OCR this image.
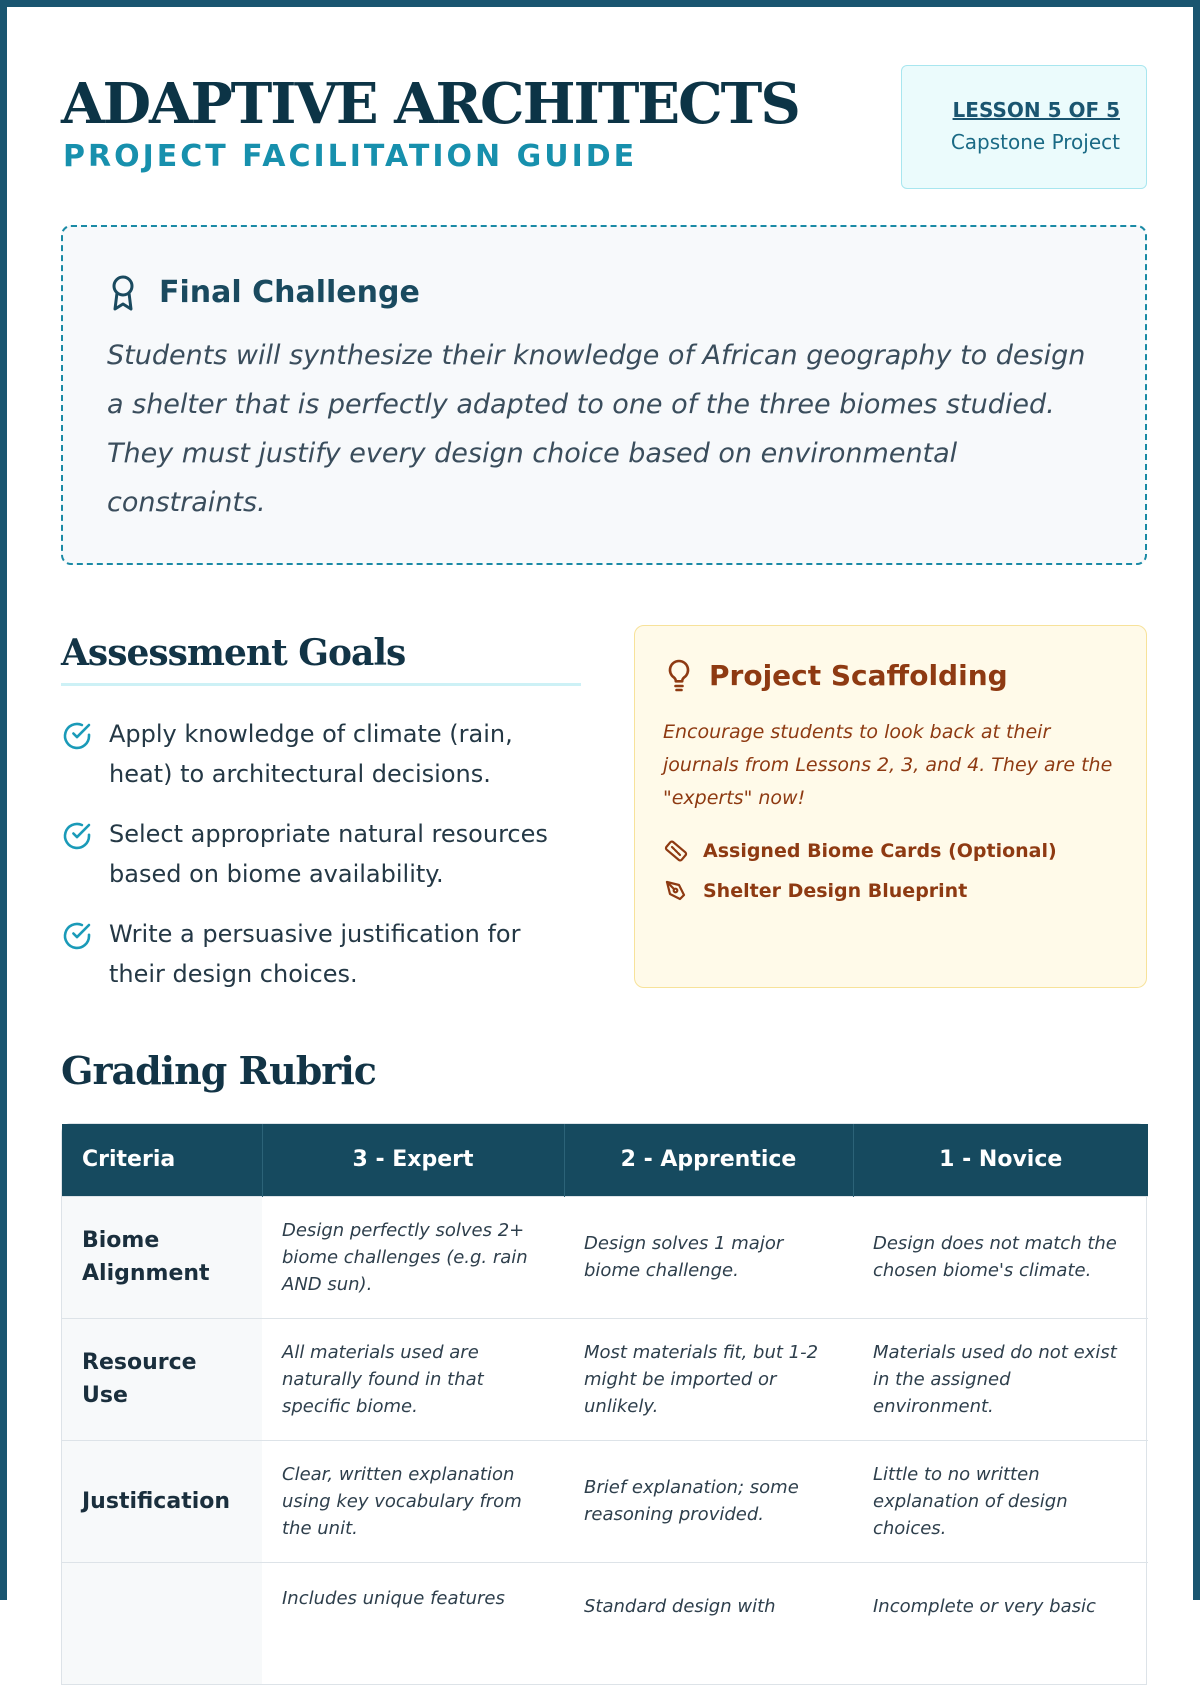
ADAPTIVE ARCHITECTS
PROJECT FACILITATION GUIDE
LESSON 5 OF 5
Capstone Project
Final Challenge
Students will synthesize their knowledge of African geography to design a shelter that is perfectly adapted to one of the three biomes studied. They must justify every design choice based on environmental constraints.
Assessment Goals
Apply knowledge of climate (rain, heat) to architectural decisions.
Select appropriate natural resources based on biome availability.
Write a persuasive justification for their design choices.
Project Scaffolding
Encourage students to look back at their journals from Lessons 2, 3, and 4. They are the "experts" now!
Assigned Biome Cards (Optional)
Shelter Design Blueprint
Grading Rubric
Criteria	3 - Expert	2 - Apprentice	1 - Novice
Biome Alignment	Design perfectly solves 2+ biome challenges (e.g. rain AND sun).	Design solves 1 major biome challenge.	Design does not match the chosen biome's climate.
Resource Use	All materials used are naturally found in that specific biome.	Most materials fit, but 1-2 might be imported or unlikely.	Materials used do not exist in the assigned environment.
Justification	Clear, written explanation using key vocabulary from the unit.	Brief explanation; some reasoning provided.	Little to no written explanation of design choices.
	Includes unique features	Standard design with	Incomplete or very basic
